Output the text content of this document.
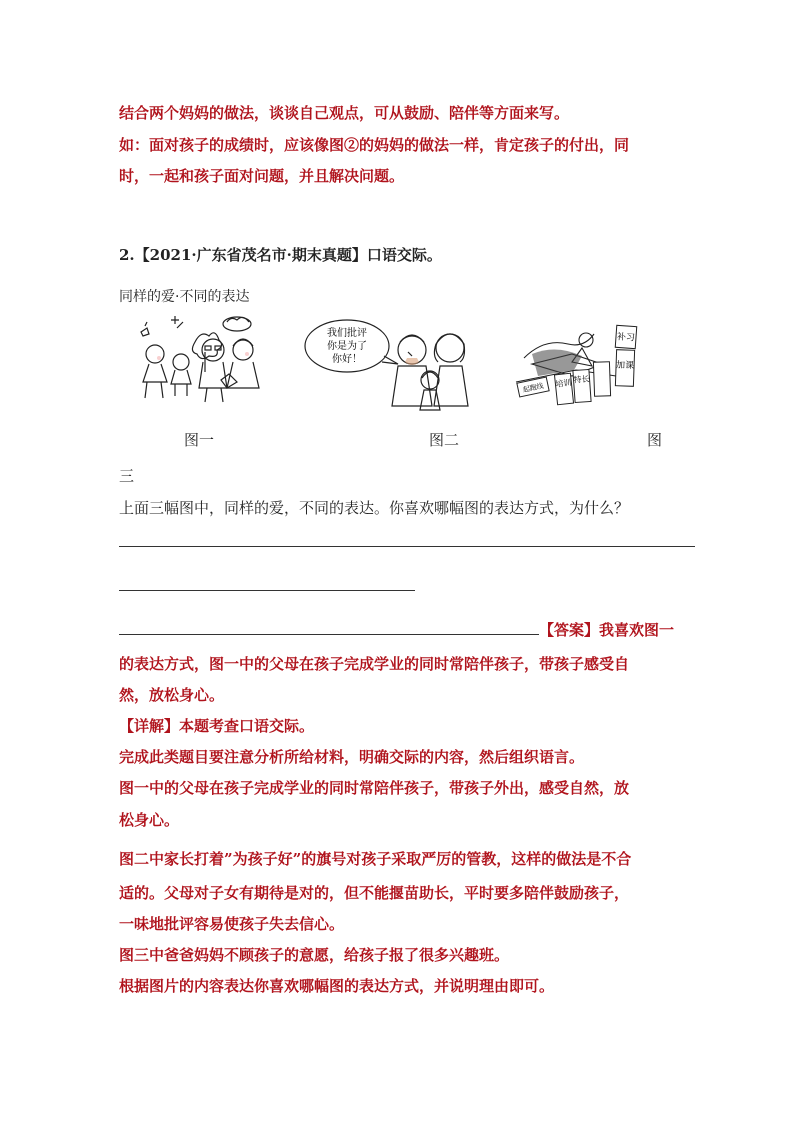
结合两个妈妈的做法，谈谈自己观点，可从鼓励、陪伴等方面来写。
如：面对孩子的成绩时，应该像图②的妈妈的做法一样，肯定孩子的付出，同
时，一起和孩子面对问题，并且解决问题。
2.【2021·广东省茂名市·期末真题】口语交际。
同样的爱·不同的表达
我们批评
你是为了
你好！
起跑线 培训 特长
加课
补习
图一	图二	图
三
上面三幅图中，同样的爱，不同的表达。你喜欢哪幅图的表达方式，为什么？
【答案】我喜欢图一
的表达方式，图一中的父母在孩子完成学业的同时常陪伴孩子，带孩子感受自
然，放松身心。
【详解】本题考查口语交际。
完成此类题目要注意分析所给材料，明确交际的内容，然后组织语言。
图一中的父母在孩子完成学业的同时常陪伴孩子，带孩子外出，感受自然，放
松身心。
图二中家长打着”为孩子好”的旗号对孩子采取严厉的管教，这样的做法是不合
适的。父母对子女有期待是对的，但不能揠苗助长，平时要多陪伴鼓励孩子，
一味地批评容易使孩子失去信心。
图三中爸爸妈妈不顾孩子的意愿，给孩子报了很多兴趣班。
根据图片的内容表达你喜欢哪幅图的表达方式，并说明理由即可。
